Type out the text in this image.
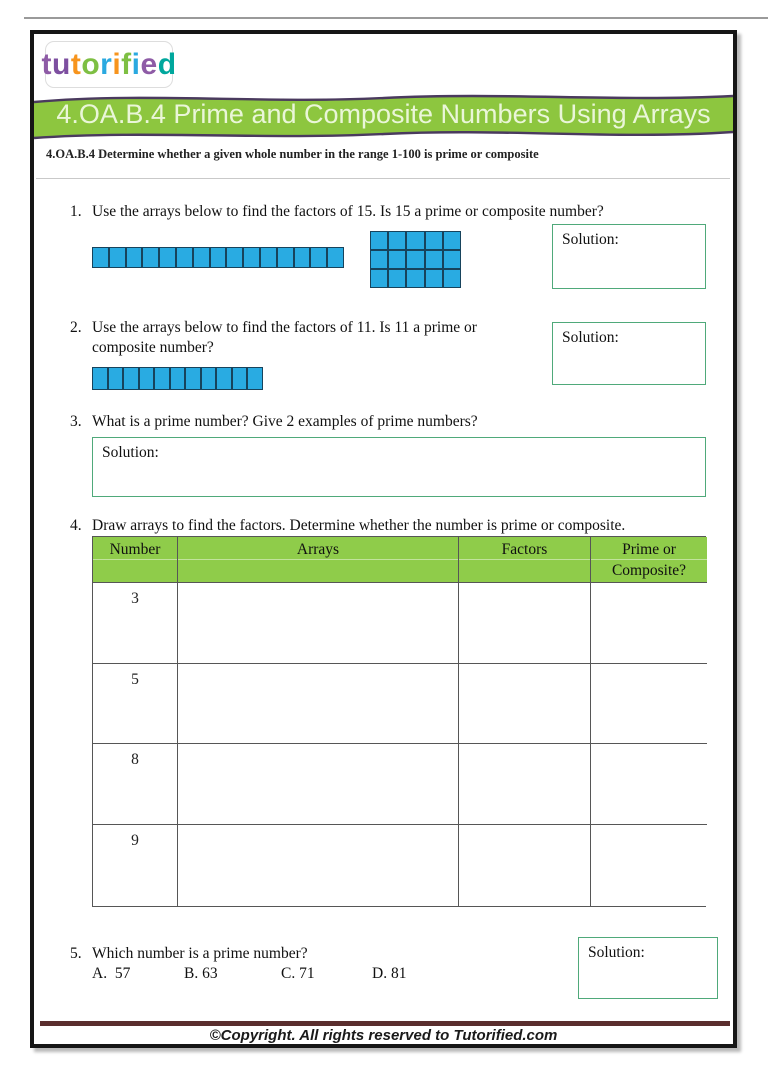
t u t o r i f i e d
4.OA.B.4 Prime and Composite Numbers Using Arrays
4.OA.B.4 Determine whether a given whole number in the range 1-100 is prime or composite
1. Use the arrays below to find the factors of 15. Is 15 a prime or composite number?
Solution:
2. Use the arrays below to find the factors of 11. Is 11 a prime or composite number?
Solution:
3. What is a prime number? Give 2 examples of prime numbers?
Solution:
4. Draw arrays to find the factors. Determine whether the number is prime or composite.
Number	Arrays	Factors	Prime or Composite?
3
5
8
9
5. Which number is a prime number?
A.  57	B. 63	C. 71	D. 81
Solution:
©Copyright. All rights reserved to Tutorified.com
